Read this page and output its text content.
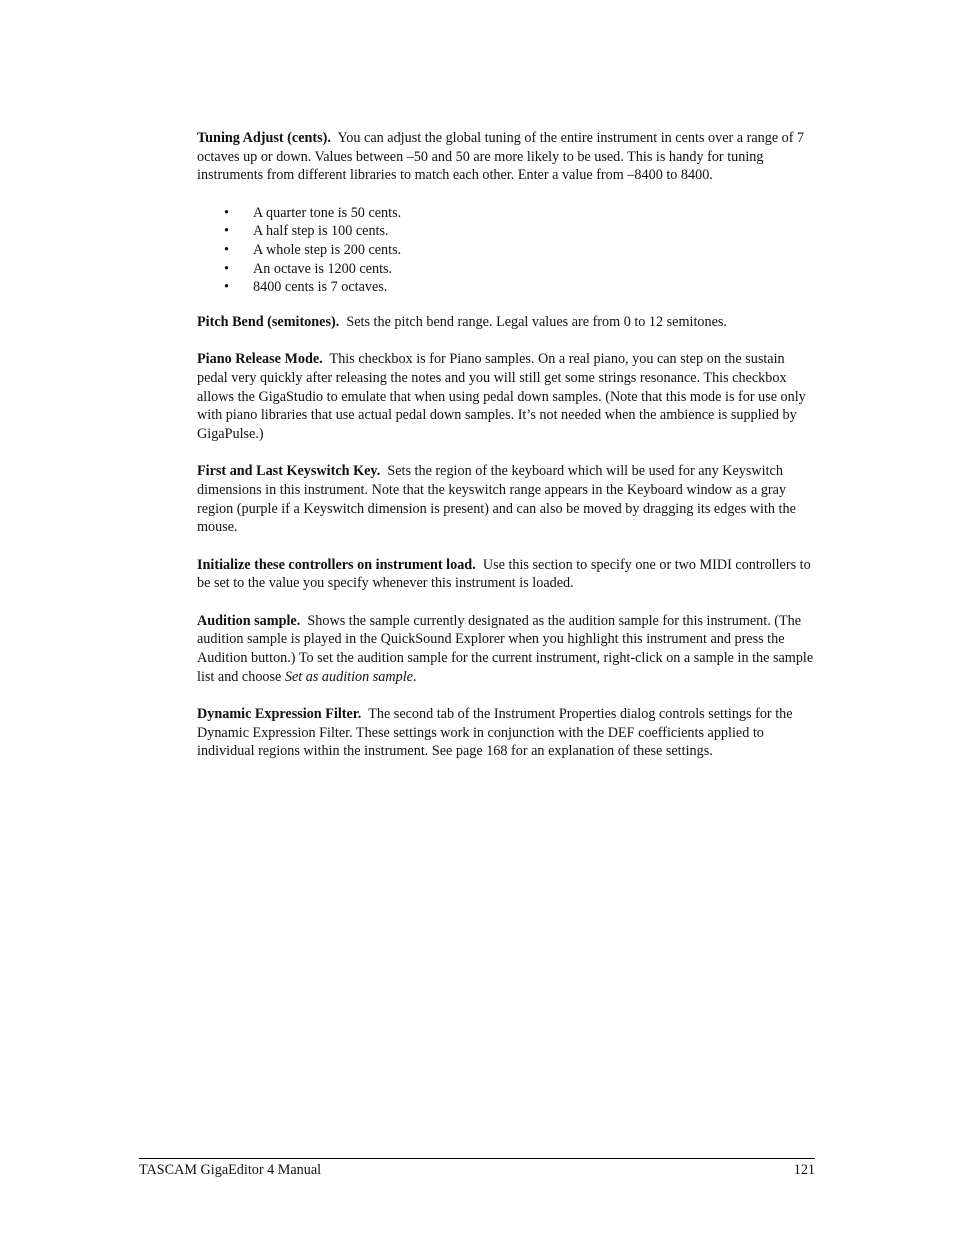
Tuning Adjust (cents). You can adjust the global tuning of the entire instrument in cents over a range of 7 octaves up or down. Values between –50 and 50 are more likely to be used. This is handy for tuning instruments from different libraries to match each other. Enter a value from –8400 to 8400.

• A quarter tone is 50 cents.
• A half step is 100 cents.
• A whole step is 200 cents.
• An octave is 1200 cents.
• 8400 cents is 7 octaves.

Pitch Bend (semitones). Sets the pitch bend range. Legal values are from 0 to 12 semitones.

Piano Release Mode. This checkbox is for Piano samples. On a real piano, you can step on the sustain pedal very quickly after releasing the notes and you will still get some strings resonance. This checkbox allows the GigaStudio to emulate that when using pedal down samples. (Note that this mode is for use only with piano libraries that use actual pedal down samples. It’s not needed when the ambience is supplied by GigaPulse.)

First and Last Keyswitch Key. Sets the region of the keyboard which will be used for any Keyswitch dimensions in this instrument. Note that the keyswitch range appears in the Keyboard window as a gray region (purple if a Keyswitch dimension is present) and can also be moved by dragging its edges with the mouse.

Initialize these controllers on instrument load. Use this section to specify one or two MIDI controllers to be set to the value you specify whenever this instrument is loaded.

Audition sample. Shows the sample currently designated as the audition sample for this instrument. (The audition sample is played in the QuickSound Explorer when you highlight this instrument and press the Audition button.) To set the audition sample for the current instrument, right-click on a sample in the sample list and choose Set as audition sample.

Dynamic Expression Filter. The second tab of the Instrument Properties dialog controls settings for the Dynamic Expression Filter. These settings work in conjunction with the DEF coefficients applied to individual regions within the instrument. See page 168 for an explanation of these settings.

TASCAM GigaEditor 4 Manual	121
